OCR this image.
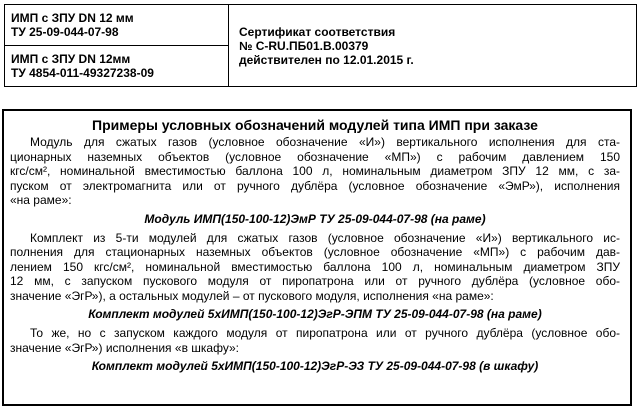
ИМП с ЗПУ DN 12 мм
ТУ 25-09-044-07-98	Сертификат соответствия
№ С-RU.ПБ01.В.00379
действителен по 12.01.2015 г.

ИМП с ЗПУ DN 12мм
ТУ 4854-011-49327238-09
Примеры условных обозначений модулей типа ИМП при заказе
Модуль для сжатых газов (условное обозначение «И») вертикального исполнения для ста-
ционарных наземных объектов (условное обозначение «МП») с рабочим давлением 150
кгс/см², номинальной вместимостью баллона 100 л, номинальным диаметром ЗПУ 12 мм, с за-
пуском от электромагнита или от ручного дублёра (условное обозначение «ЭмР»), исполнения
«на раме»:
Модуль ИМП(150-100-12)ЭмР ТУ 25-09-044-07-98 (на раме)
Комплект из 5-ти модулей для сжатых газов (условное обозначение «И») вертикального ис-
полнения для стационарных наземных объектов (условное обозначение «МП») с рабочим дав-
лением 150 кгс/см², номинальной вместимостью баллона 100 л, номинальным диаметром ЗПУ
12 мм, с запуском пускового модуля от пиропатрона или от ручного дублёра (условное обо-
значение «ЭгР»), а остальных модулей – от пускового модуля, исполнения «на раме»:
Комплект модулей 5хИМП(150-100-12)ЭгР-ЭПМ ТУ 25-09-044-07-98 (на раме)
То же, но с запуском каждого модуля от пиропатрона или от ручного дублёра (условное обо-
значение «ЭгР») исполнения «в шкафу»:
Комплект модулей 5хИМП(150-100-12)ЭгР-ЭЗ ТУ 25-09-044-07-98 (в шкафу)
